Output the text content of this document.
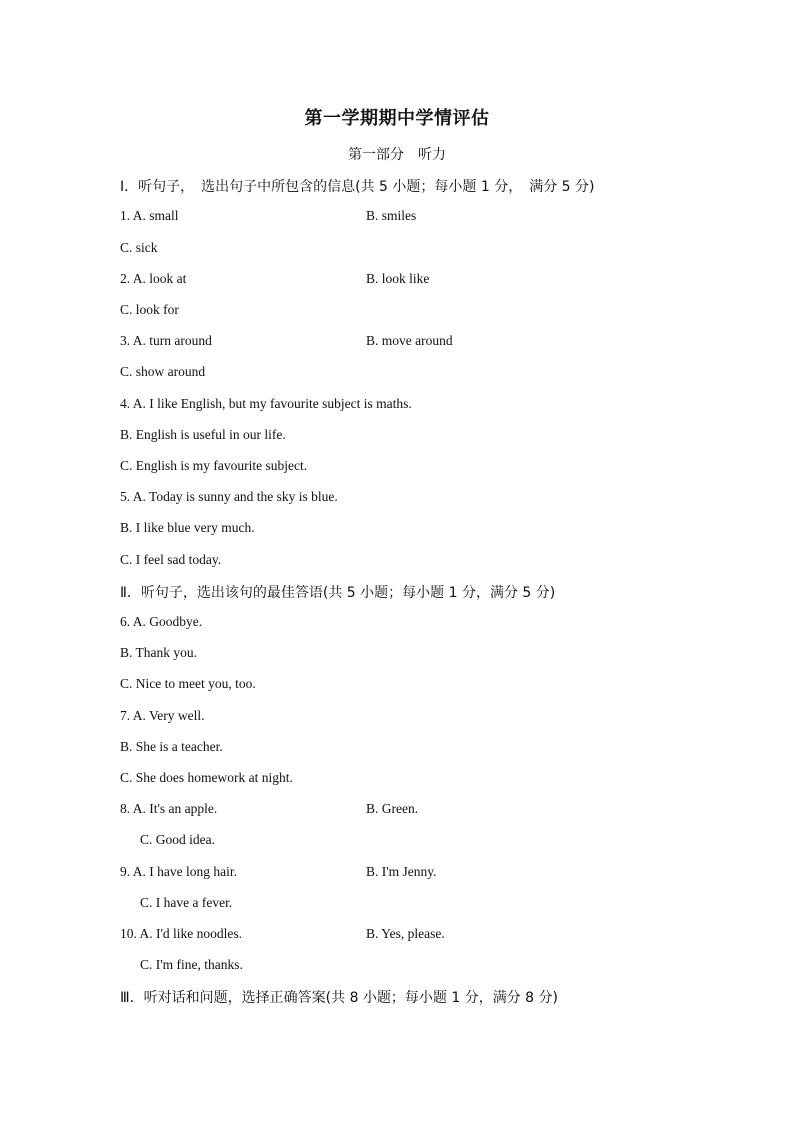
第一学期期中学情评估
第一部分　听力
Ⅰ．听句子，　选出句子中所包含的信息(共 5 小题；每小题 1 分，　满分 5 分)
1. A. small	B. smiles
C. sick
2. A. look at	B. look like
C. look for
3. A. turn around	B. move around
C. show around
4. A. I like English, but my favourite subject is maths.
B. English is useful in our life.
C. English is my favourite subject.
5. A. Today is sunny and the sky is blue.
B. I like blue very much.
C. I feel sad today.
Ⅱ．听句子，选出该句的最佳答语(共 5 小题；每小题 1 分，满分 5 分)
6. A. Goodbye.
B. Thank you.
C. Nice to meet you, too.
7. A. Very well.
B. She is a teacher.
C. She does homework at night.
8. A. It's an apple.	B. Green.
C. Good idea.
9. A. I have long hair.	B. I'm Jenny.
C. I have a fever.
10. A. I'd like noodles.	B. Yes, please.
C. I'm fine, thanks.
Ⅲ．听对话和问题，选择正确答案(共 8 小题；每小题 1 分，满分 8 分)
